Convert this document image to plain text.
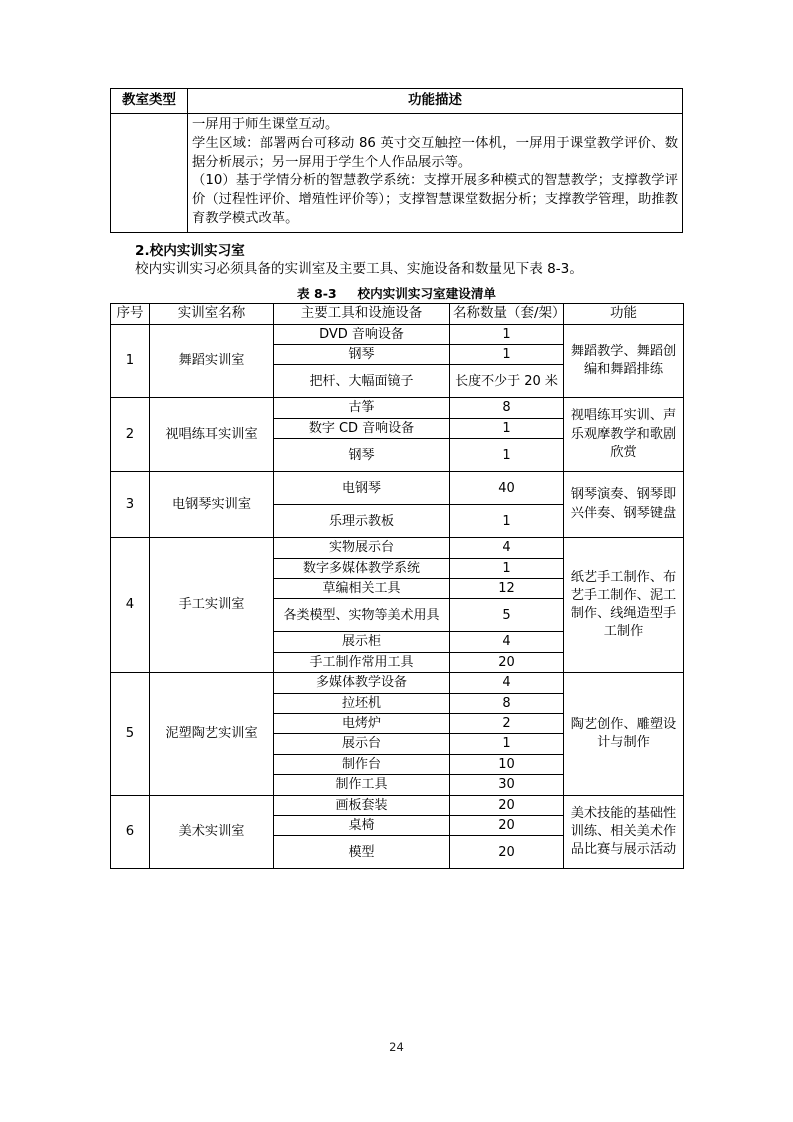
教室类型	功能描述

	一屏用于师生课堂互动。

学生区域：部署两台可移动 86 英寸交互触控一体机，一屏用于课堂教学评价、数据分析展示；另一屏用于学生个人作品展示等。

（10）基于学情分析的智慧教学系统：支撑开展多种模式的智慧教学；支撑教学评价（过程性评价、增殖性评价等）；支撑智慧课堂数据分析；支撑教学管理，助推教育教学模式改革。

2.校内实训实习室
校内实训实习必须具备的实训室及主要工具、实施设备和数量见下表 8-3。
表 8-3 校内实训实习室建设清单
序号	实训室名称	主要工具和设施设备	名称数量（套/架）	功能
1	舞蹈实训室	DVD 音响设备	1	舞蹈教学、舞蹈创编和舞蹈排练
		钢琴	1	
		把杆、大幅面镜子	长度不少于 20 米	
2	视唱练耳实训室	古筝	8	视唱练耳实训、声乐观摩教学和歌剧欣赏
		数字 CD 音响设备	1	
		钢琴	1	
3	电钢琴实训室	电钢琴	40	钢琴演奏、钢琴即兴伴奏、钢琴键盘
		乐理示教板	1	
4	手工实训室	实物展示台	4	纸艺手工制作、布艺手工制作、泥工制作、线绳造型手工制作
		数字多媒体教学系统	1	
		草编相关工具	12	
		各类模型、实物等美术用具	5	
		展示柜	4	
		手工制作常用工具	20	
5	泥塑陶艺实训室	多媒体教学设备	4	陶艺创作、雕塑设计与制作
		拉坯机	8	
		电烤炉	2	
		展示台	1	
		制作台	10	
		制作工具	30	
6	美术实训室	画板套装	20	美术技能的基础性训练、相关美术作品比赛与展示活动
		桌椅	20	
		模型	20	
24
